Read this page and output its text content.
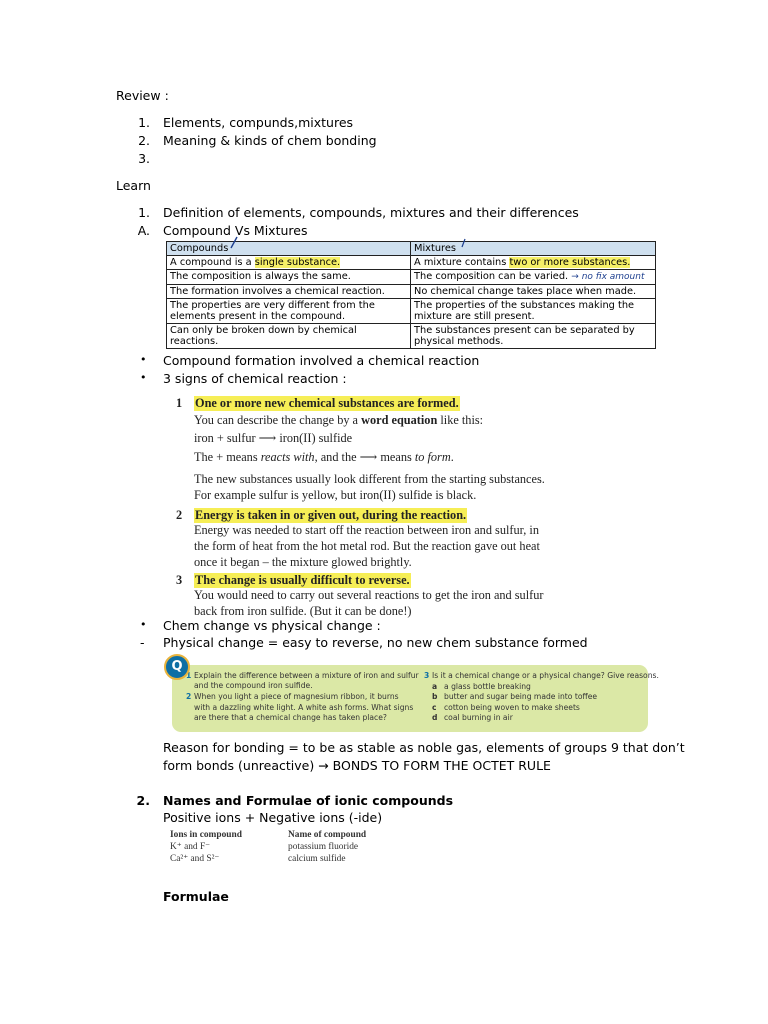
Review :
1. Elements, compunds,mixtures
2. Meaning & kinds of chem bonding
3.
Learn
1. Definition of elements, compounds, mixtures and their differences
A. Compound Vs Mixtures
Compounds	Mixtures
A compound is a single substance.	A mixture contains two or more substances.
The composition is always the same.	The composition can be varied. → no fix amount
The formation involves a chemical reaction.	No chemical change takes place when made.
The properties are very different from the elements present in the compound.	The properties of the substances making the mixture are still present.
Can only be broken down by chemical reactions.	The substances present can be separated by physical methods.
• Compound formation involved a chemical reaction
• 3 signs of chemical reaction :
1 One or more new chemical substances are formed.
You can describe the change by a word equation like this:
iron + sulfur ⟶ iron(II) sulfide
The + means reacts with, and the ⟶ means to form.
The new substances usually look different from the starting substances.
For example sulfur is yellow, but iron(II) sulfide is black.
2 Energy is taken in or given out, during the reaction.
Energy was needed to start off the reaction between iron and sulfur, in
the form of heat from the hot metal rod. But the reaction gave out heat
once it began – the mixture glowed brightly.
3 The change is usually difficult to reverse.
You would need to carry out several reactions to get the iron and sulfur
back from iron sulfide. (But it can be done!)
• Chem change vs physical change :
- Physical change = easy to reverse, no new chem substance formed
1 Explain the difference between a mixture of iron and sulfur
and the compound iron sulfide.
2 When you light a piece of magnesium ribbon, it burns
with a dazzling white light. A white ash forms. What signs
are there that a chemical change has taken place?
3 Is it a chemical change or a physical change? Give reasons.
a a glass bottle breaking
b butter and sugar being made into toffee
c cotton being woven to make sheets
d coal burning in air
Q
Reason for bonding = to be as stable as noble gas, elements of groups 9 that don’t
form bonds (unreactive) → BONDS TO FORM THE OCTET RULE
2. Names and Formulae of ionic compounds
Positive ions + Negative ions (-ide)
Ions in compound	Name of compound
K⁺ and F⁻	potassium fluoride
Ca²⁺ and S²⁻	calcium sulfide
Formulae
